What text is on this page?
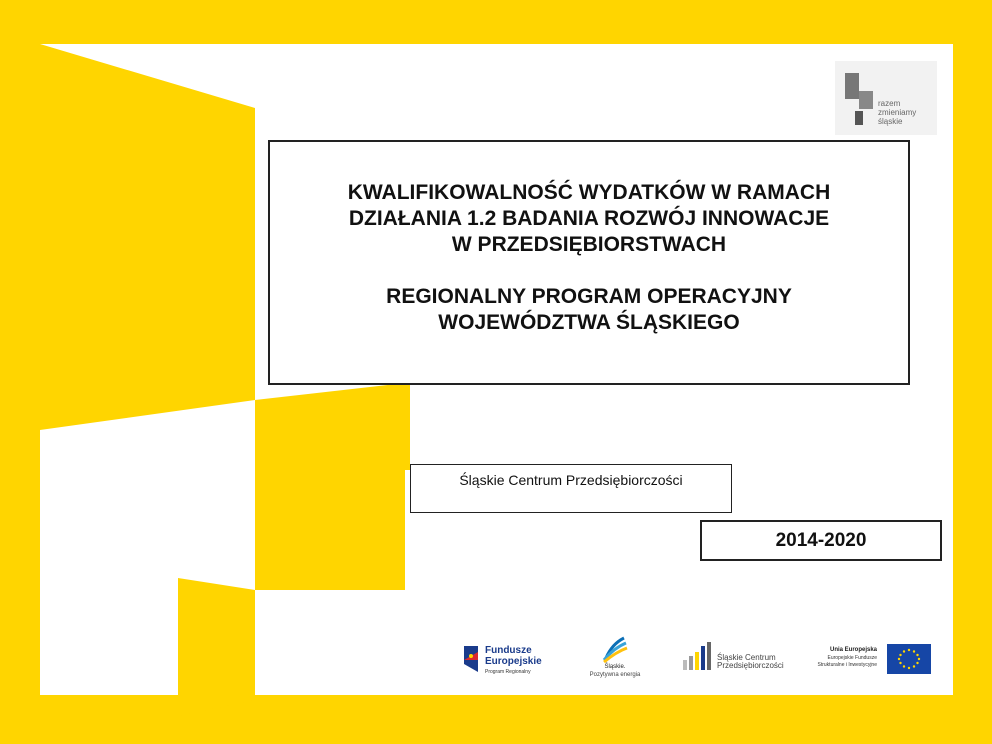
razem
zmieniamy
śląskie
KWALIFIKOWALNOŚĆ WYDATKÓW W RAMACH
DZIAŁANIA 1.2 BADANIA ROZWÓJ INNOWACJE
W PRZEDSIĘBIORSTWACH
REGIONALNY PROGRAM OPERACYJNY
WOJEWÓDZTWA ŚLĄSKIEGO
Śląskie Centrum Przedsiębiorczości
2014-2020
Fundusze
Europejskie
Program Regionalny
Śląskie.
Pozytywna energia
Śląskie Centrum
Przedsiębiorczości
Unia Europejska
Europejskie Fundusze
Strukturalne i Inwestycyjne
